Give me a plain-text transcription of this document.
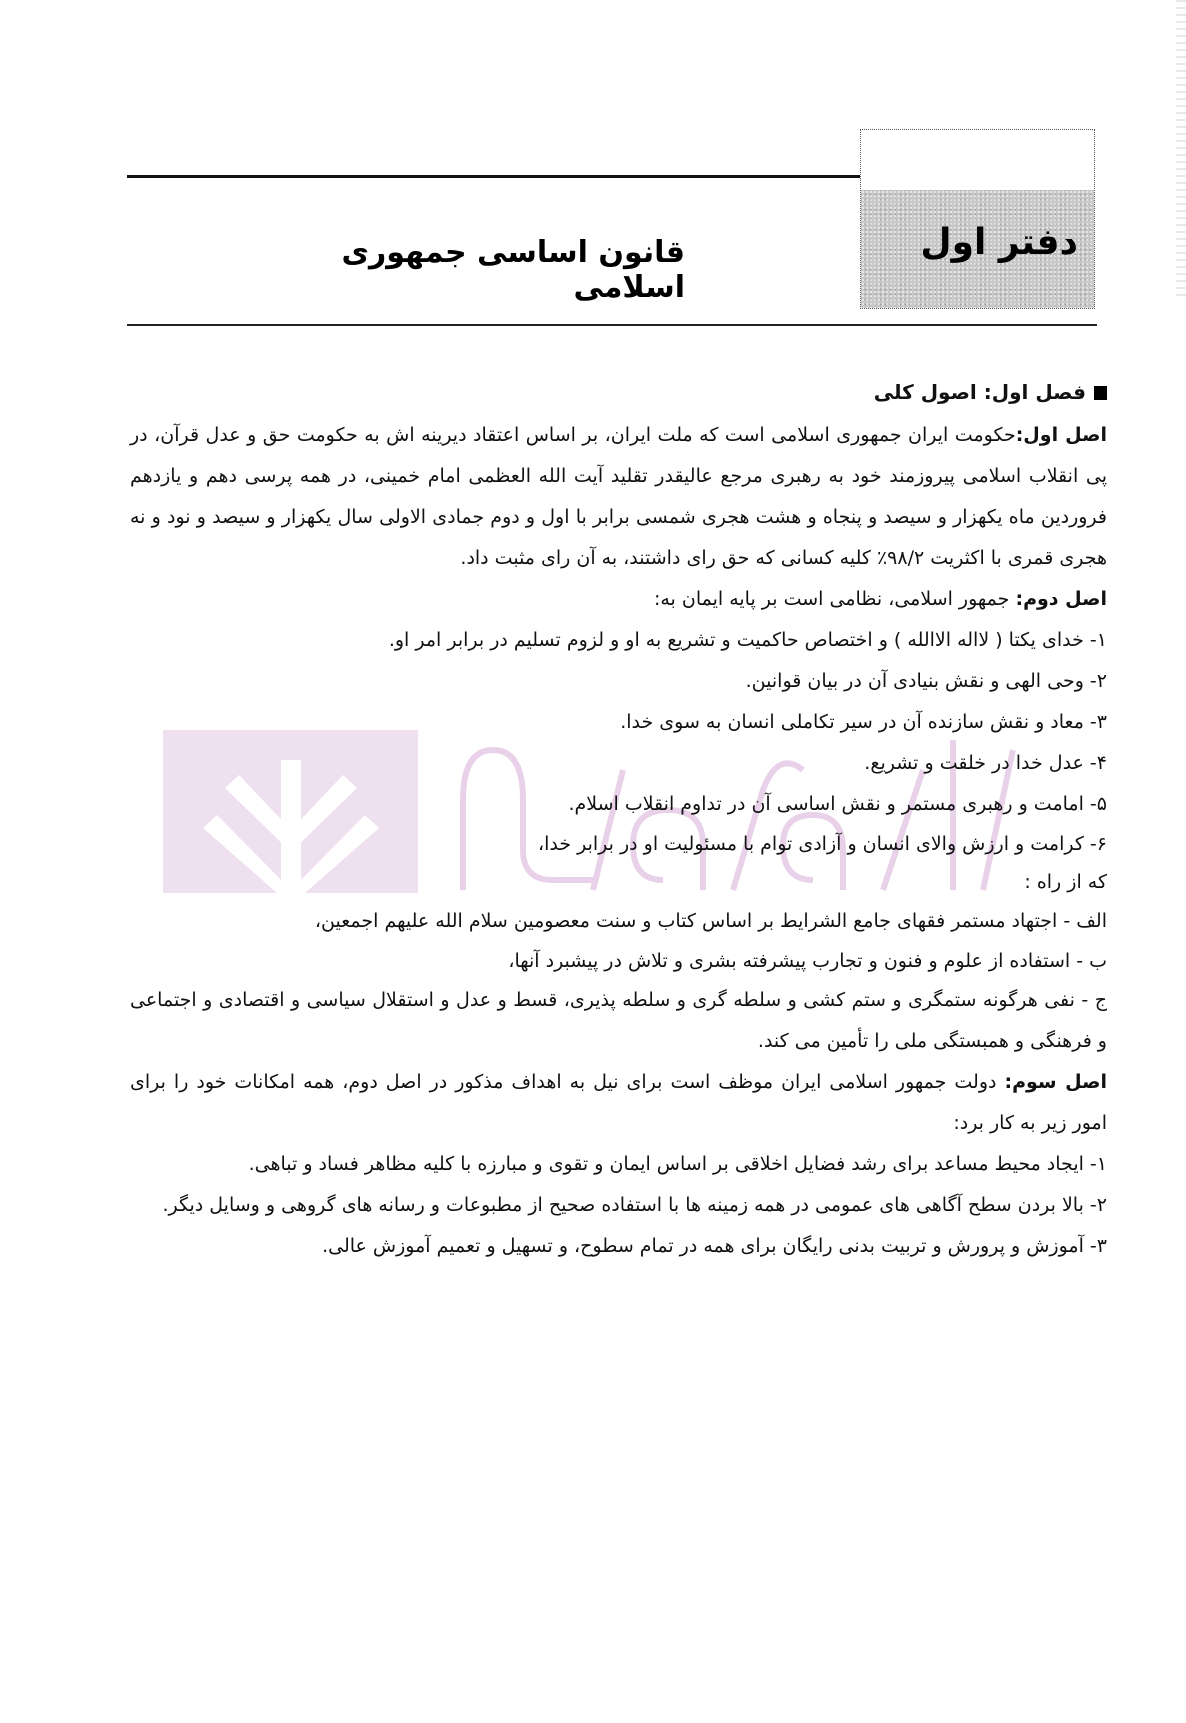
دفتر اول
قانون اساسی جمهوری اسلامی

فصل اول: اصول کلی

اصل اول:حکومت ایران جمهوری اسلامی است که ملت ایران، بر اساس اعتقاد دیرینه اش به حکومت حق و عدل قرآن، در پی انقلاب اسلامی پیروزمند خود به رهبری مرجع عالیقدر تقلید آیت الله العظمی امام خمینی، در همه پرسی دهم و یازدهم فروردین ماه یکهزار و سیصد و پنجاه و هشت هجری شمسی برابر با اول و دوم جمادی الاولی سال یکهزار و سیصد و نود و نه هجری قمری با اکثریت ۹۸/۲٪ کلیه کسانی که حق رای داشتند، به آن رای مثبت داد.

اصل دوم: جمهور اسلامی، نظامی است بر پایه ایمان به:

۱- خدای یکتا ( لااله الاالله ) و اختصاص حاکمیت و تشریع به او و لزوم تسلیم در برابر امر او.

۲- وحی الهی و نقش بنیادی آن در بیان قوانین.

۳- معاد و نقش سازنده آن در سیر تکاملی انسان به سوی خدا.

۴- عدل خدا در خلقت و تشریع.

۵- امامت و رهبری مستمر و نقش اساسی آن در تداوم انقلاب اسلام.

۶- کرامت و ارزش والای انسان و آزادی توام با مسئولیت او در برابر خدا،

که از راه :

الف - اجتهاد مستمر فقهای جامع الشرایط بر اساس کتاب و سنت معصومین سلام الله علیهم اجمعین،

ب - استفاده از علوم و فنون و تجارب پیشرفته بشری و تلاش در پیشبرد آنها،

ج - نفی هرگونه ستمگری و ستم کشی و سلطه گری و سلطه پذیری، قسط و عدل و استقلال سیاسی و اقتصادی و اجتماعی و فرهنگی و همبستگی ملی را تأمین می کند.

اصل سوم: دولت جمهور اسلامی ایران موظف است برای نیل به اهداف مذکور در اصل دوم، همه امکانات خود را برای امور زیر به کار برد:

۱- ایجاد محیط مساعد برای رشد فضایل اخلاقی بر اساس ایمان و تقوی و مبارزه با کلیه مظاهر فساد و تباهی.

۲- بالا بردن سطح آگاهی های عمومی در همه زمینه ها با استفاده صحیح از مطبوعات و رسانه های گروهی و وسایل دیگر.

۳- آموزش و پرورش و تربیت بدنی رایگان برای همه در تمام سطوح، و تسهیل و تعمیم آموزش عالی.
